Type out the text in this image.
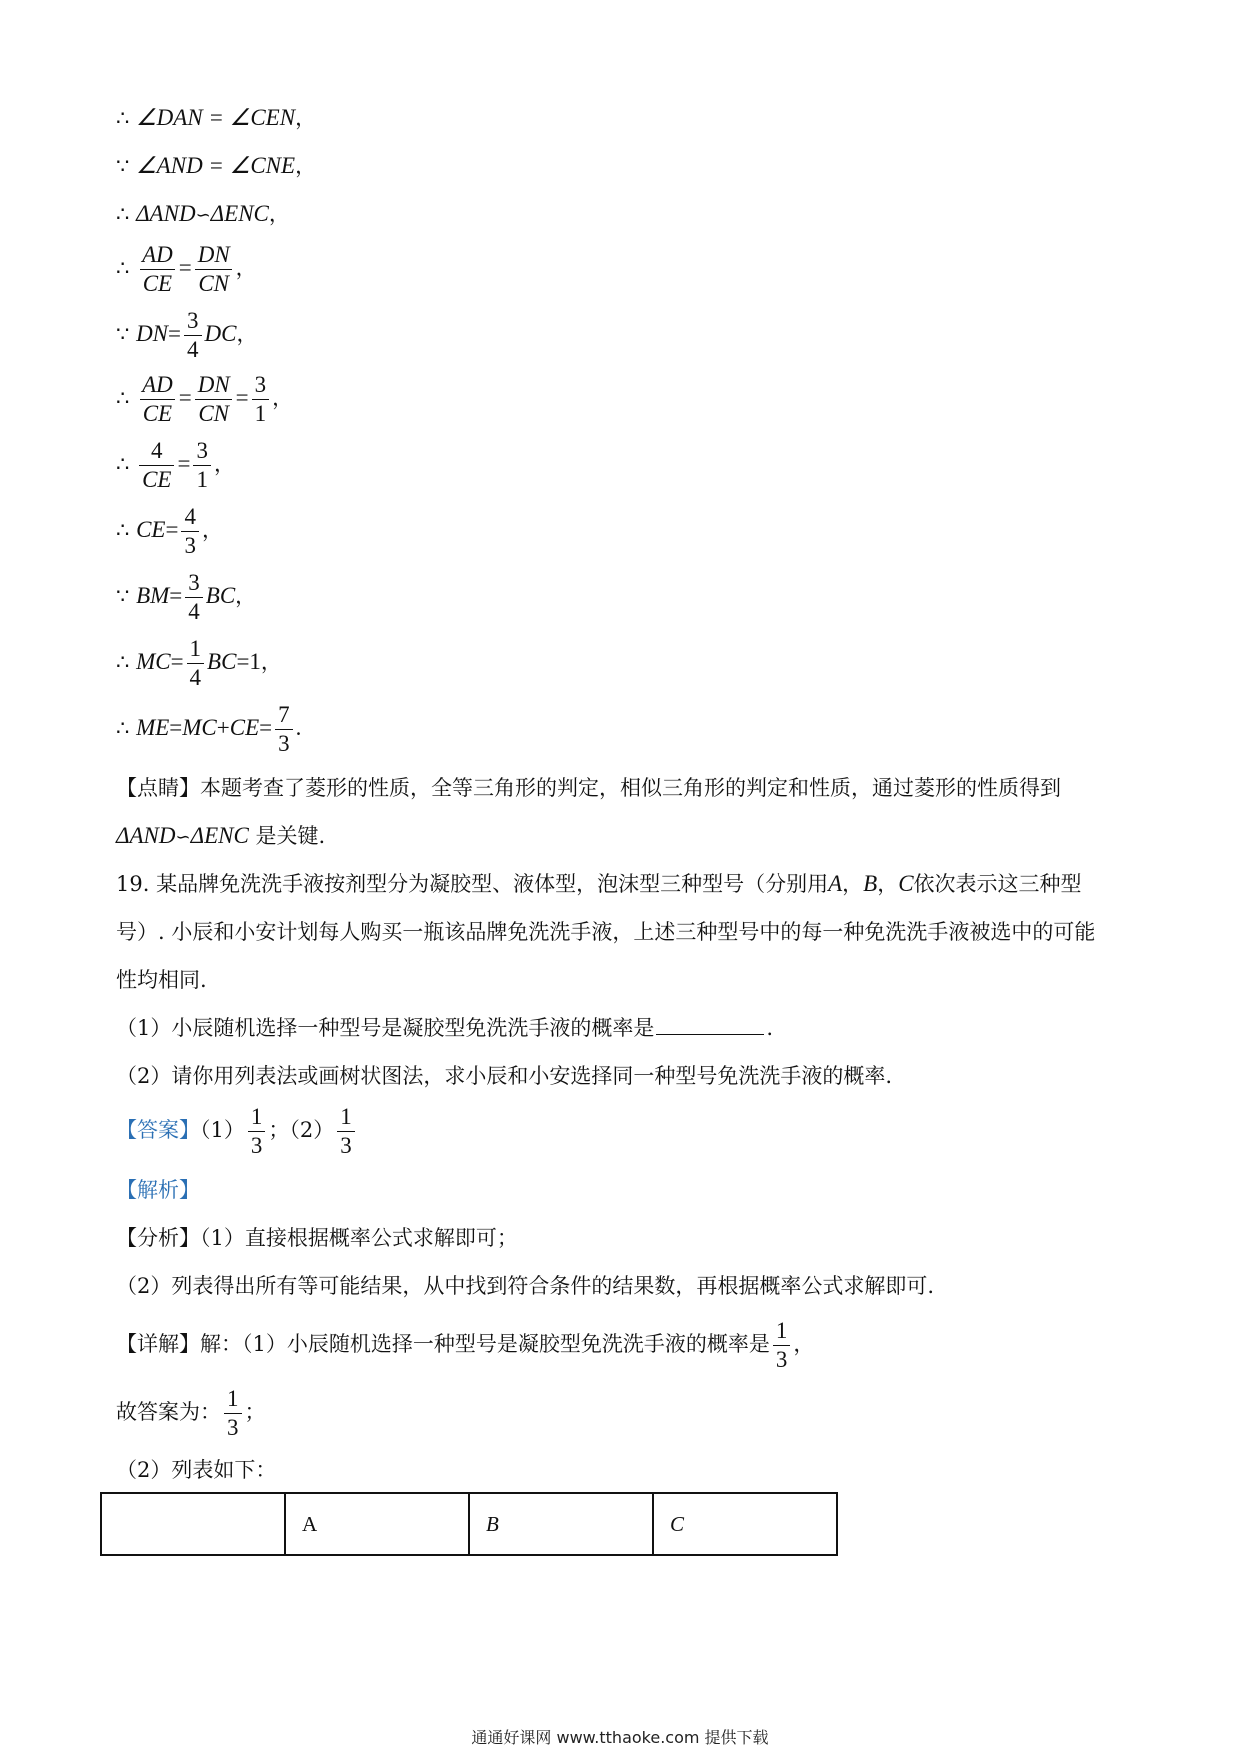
∴ ∠DAN = ∠CEN，
∵ ∠AND = ∠CNE，
∴ ΔAND∽ΔENC，
∴ $\frac{AD}{CE} = \frac{DN}{CN}$ ，
∵ $DN= \frac{3}{4}$ DC，
∴ $\frac{AD}{CE} = \frac{DN}{CN} = \frac{3}{1}$ ，
∴ $\frac{4}{CE} = \frac{3}{1}$ ，
∴ $CE= \frac{4}{3}$ ，
∵ $BM= \frac{3}{4}$ BC，
∴ $MC= \frac{1}{4} BC=1$，
∴ $ME=MC+CE= \frac{7}{3}$ .
【点睛】本题考查了菱形的性质，全等三角形的判定，相似三角形的判定和性质，通过菱形的性质得到
ΔAND∽ΔENC 是关键.
19. 某品牌免洗洗手液按剂型分为凝胶型、液体型，泡沫型三种型号（分别用A，B，C依次表示这三种型
号）. 小辰和小安计划每人购买一瓶该品牌免洗洗手液，上述三种型号中的每一种免洗洗手液被选中的可能
性均相同.
（1）小辰随机选择一种型号是凝胶型免洗洗手液的概率是	.
（2）请你用列表法或画树状图法，求小辰和小安选择同一种型号免洗洗手液的概率.
【答案】$(1) \frac{1}{3}$ ；$(2) \frac{1}{3}$
【解析】
【分析】（1）直接根据概率公式求解即可；
（2）列表得出所有等可能结果，从中找到符合条件的结果数，再根据概率公式求解即可.
【详解】解：（1）小辰随机选择一种型号是凝胶型免洗洗手液的概率是 $\frac{1}{3}$ ，
故答案为： $\frac{1}{3}$ ；
（2）列表如下：
	A	B	C
通通好课网 www.tthaoke.com 提供下载
